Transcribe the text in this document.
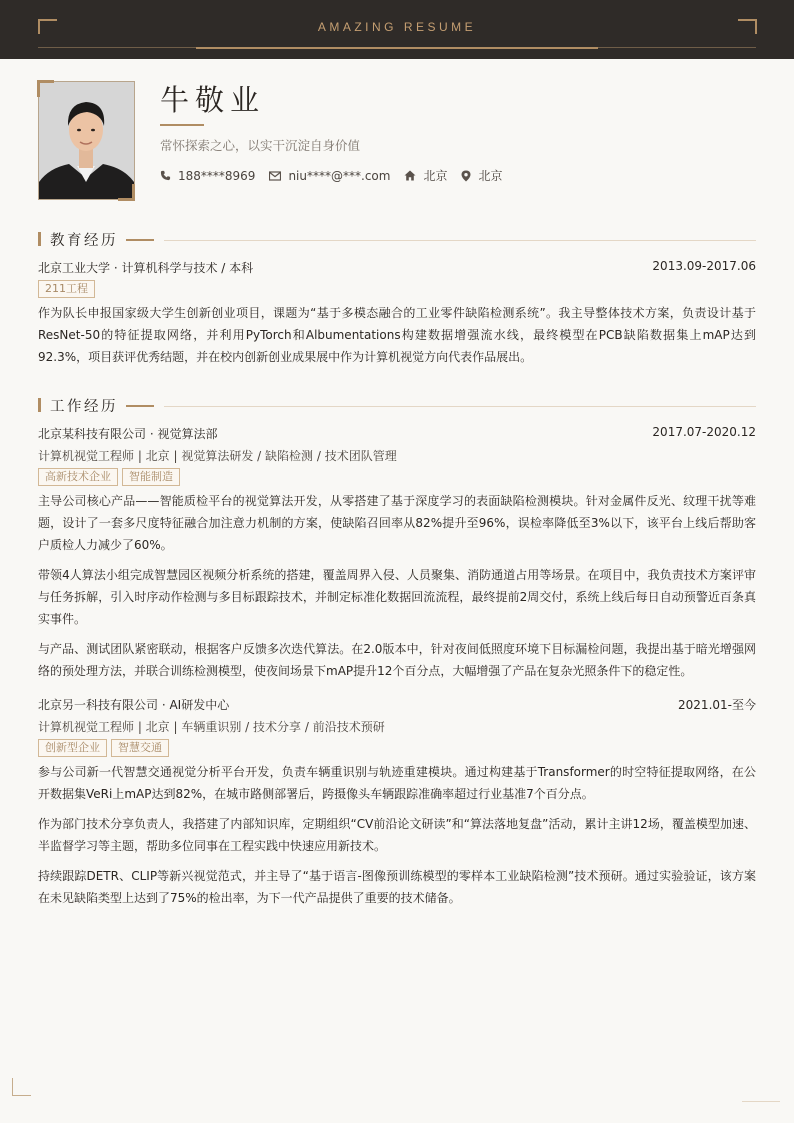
AMAZING RESUME
牛敬业
常怀探索之心，以实干沉淀自身价值
188****8969	niu****@***.com	北京	北京
教育经历
北京工业大学 · 计算机科学与技术 / 本科	2013.09-2017.06
211工程

作为队长申报国家级大学生创新创业项目，课题为“基于多模态融合的工业零件缺陷检测系统”。我主导整体技术方案，负责设计基于ResNet-50的特征提取网络，并利用PyTorch和Albumentations构建数据增强流水线，最终模型在PCB缺陷数据集上mAP达到92.3%，项目获评优秀结题，并在校内创新创业成果展中作为计算机视觉方向代表作品展出。

工作经历
北京某科技有限公司 · 视觉算法部	2017.07-2020.12
计算机视觉工程师 | 北京 | 视觉算法研发 / 缺陷检测 / 技术团队管理
高新技术企业	智能制造

主导公司核心产品——智能质检平台的视觉算法开发，从零搭建了基于深度学习的表面缺陷检测模块。针对金属件反光、纹理干扰等难题，设计了一套多尺度特征融合加注意力机制的方案，使缺陷召回率从82%提升至96%，误检率降低至3%以下，该平台上线后帮助客户质检人力减少了60%。

带领4人算法小组完成智慧园区视频分析系统的搭建，覆盖周界入侵、人员聚集、消防通道占用等场景。在项目中，我负责技术方案评审与任务拆解，引入时序动作检测与多目标跟踪技术，并制定标准化数据回流流程，最终提前2周交付，系统上线后每日自动预警近百条真实事件。

与产品、测试团队紧密联动，根据客户反馈多次迭代算法。在2.0版本中，针对夜间低照度环境下目标漏检问题，我提出基于暗光增强网络的预处理方法，并联合训练检测模型，使夜间场景下mAP提升12个百分点，大幅增强了产品在复杂光照条件下的稳定性。

北京另一科技有限公司 · AI研发中心	2021.01-至今
计算机视觉工程师 | 北京 | 车辆重识别 / 技术分享 / 前沿技术预研
创新型企业	智慧交通

参与公司新一代智慧交通视觉分析平台开发，负责车辆重识别与轨迹重建模块。通过构建基于Transformer的时空特征提取网络，在公开数据集VeRi上mAP达到82%，在城市路侧部署后，跨摄像头车辆跟踪准确率超过行业基准7个百分点。

作为部门技术分享负责人，我搭建了内部知识库，定期组织“CV前沿论文研读”和“算法落地复盘”活动，累计主讲12场，覆盖模型加速、半监督学习等主题，帮助多位同事在工程实践中快速应用新技术。

持续跟踪DETR、CLIP等新兴视觉范式，并主导了“基于语言-图像预训练模型的零样本工业缺陷检测”技术预研。通过实验验证，该方案在未见缺陷类型上达到了75%的检出率，为下一代产品提供了重要的技术储备。
